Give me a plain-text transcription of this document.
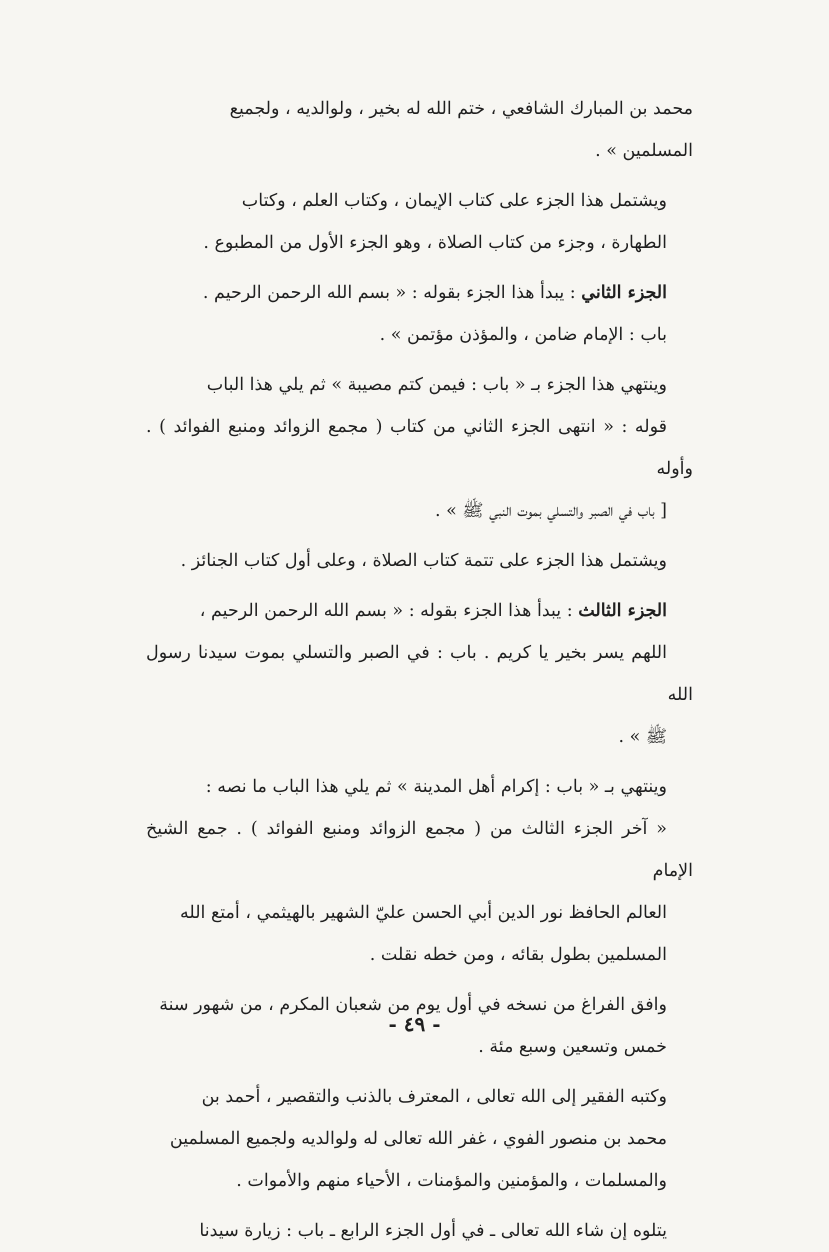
محمد بن المبارك الشافعي ، ختم الله له بخير ، ولوالديه ، ولجميع
المسلمين » .
ويشتمل هذا الجزء على كتاب الإيمان ، وكتاب العلم ، وكتاب
الطهارة ، وجزء من كتاب الصلاة ، وهو الجزء الأول من المطبوع .
الجزء الثاني : يبدأ هذا الجزء بقوله : « بسم الله الرحمن الرحيم .
باب : الإمام ضامن ، والمؤذن مؤتمن » .
وينتهي هذا الجزء بـ « باب : فيمن كتم مصيبة » ثم يلي هذا الباب
قوله : « انتهى الجزء الثاني من كتاب ( مجمع الزوائد ومنبع الفوائد ) . وأوله
[ باب في الصبر والتسلي بموت النبي ﷺ » .
ويشتمل هذا الجزء على تتمة كتاب الصلاة ، وعلى أول كتاب الجنائز .
الجزء الثالث : يبدأ هذا الجزء بقوله : « بسم الله الرحمن الرحيم ،
اللهم يسر بخير يا كريم . باب : في الصبر والتسلي بموت سيدنا رسول الله
ﷺ » .
وينتهي بـ « باب : إكرام أهل المدينة » ثم يلي هذا الباب ما نصه :
« آخر الجزء الثالث من ( مجمع الزوائد ومنبع الفوائد ) . جمع الشيخ الإمام
العالم الحافظ نور الدين أبي الحسن عليّ الشهير بالهيثمي ، أمتع الله
المسلمين بطول بقائه ، ومن خطه نقلت .
وافق الفراغ من نسخه في أول يوم من شعبان المكرم ، من شهور سنة
خمس وتسعين وسبع مئة .
وكتبه الفقير إلى الله تعالى ، المعترف بالذنب والتقصير ، أحمد بن
محمد بن منصور الفوي ، غفر الله تعالى له ولوالديه ولجميع المسلمين
والمسلمات ، والمؤمنين والمؤمنات ، الأحياء منهم والأموات .
يتلوه إن شاء الله تعالى ـ في أول الجزء الرابع ـ باب : زيارة سيدنا
- ٤٩ -
